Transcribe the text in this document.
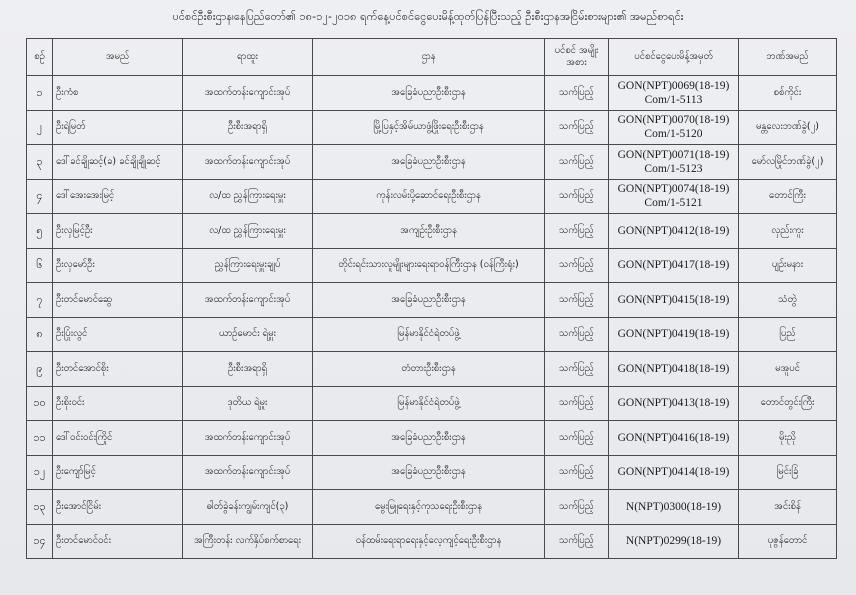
ပင်စင်ဦးစီးဌာန၊နေပြည်တော်၏ ၁၈-၁၂-၂၀၁၈ ရက်နေ့ပင်စင်ငွေပေးမိန့်ထုတ်ပြန်ပြီးသည့် ဦးစီးဌာနအငြိမ်းစားများ၏ အမည်စာရင်း
စဉ်	အမည်	ရာထူး	ဌာန	ပင်စင် အမျိုးအစား	ပင်စင်ငွေပေးမိန့်အမှတ်	ဘဏ်အမည်
၁	ဦးကံစ	အထက်တန်းကျောင်းအုပ်	အခြေခံပညာဦးစီးဌာန	သက်ပြည့်	GON(NPT)0069(18-19) Com/1-5113	စစ်ကိုင်း
၂	ဦးရဲမြတ်	ဦးစီးအရာရှိ	မြို့ပြနှင့်အိမ်ယာဖွံ့ဖြိုးရေးဦးစီးဌာန	သက်ပြည့်	GON(NPT)0070(18-19) Com/1-5120	မန္တလေးဘဏ်ခွဲ(၂)
၃	ဒေါ်ခင်ချိုဆင့်(ခ) ခင်ချိုချိုဆင့်	အထက်တန်းကျောင်းအုပ်	အခြေခံပညာဦးစီးဌာန	သက်ပြည့်	GON(NPT)0071(18-19) Com/1-5123	မော်လမြိုင်ဘဏ်ခွဲ(၂)
၄	ဒေါ်အေးအေးမြင့်	လ/ထ ညွှန်ကြားရေးမှူး	ကုန်းလမ်းပို့ဆောင်ရေးဦးစီးဌာန	သက်ပြည့်	GON(NPT)0074(18-19) Com/1-5121	တောင်ကြီး
၅	ဦးလှမြင့်ဦး	လ/ထ ညွှန်ကြားရေးမှူး	အကျဉ်းဦးစီးဌာန	သက်ပြည့်	GON(NPT)0412(18-19)	လှည်းကူး
၆	ဦးလှမော်ဦး	ညွှန်ကြားရေးမှူးချုပ်	တိုင်းရင်းသားလူမျိုးများရေးရာဝန်ကြီးဌာန (ဝန်ကြီးရုံး)	သက်ပြည့်	GON(NPT)0417(18-19)	ပျဉ်းမနား
၇	ဦးတင်မောင်ဆွေ	အထက်တန်းကျောင်းအုပ်	အခြေခံပညာဦးစီးဌာန	သက်ပြည့်	GON(NPT)0415(18-19)	သံတွဲ
၈	ဦးပြုံးလွင်	ယာဉ်မောင်း ရဲမှူး	မြန်မာနိုင်ငံရဲတပ်ဖွဲ့	သက်ပြည့်	GON(NPT)0419(18-19)	ပြည်
၉	ဦးတင်အောင်စိုး	ဦးစီးအရာရှိ	တံတားဦးစီးဌာန	သက်ပြည့်	GON(NPT)0418(18-19)	မအူပင်
၁၀	ဦးစိုးဝင်း	ဒုတိယ ရဲမှူး	မြန်မာနိုင်ငံရဲတပ်ဖွဲ့	သက်ပြည့်	GON(NPT)0413(18-19)	တောင်တွင်းကြီး
၁၁	ဒေါ်ဝင်းဝင်းကြိုင်	အထက်တန်းကျောင်းအုပ်	အခြေခံပညာဦးစီးဌာန	သက်ပြည့်	GON(NPT)0416(18-19)	မိုးညို
၁၂	ဦးကျော်မြင့်	အထက်တန်းကျောင်းအုပ်	အခြေခံပညာဦးစီးဌာန	သက်ပြည့်	GON(NPT)0414(18-19)	မြင်းခြံ
၁၃	ဦးအောင်ငြိမ်း	ဓါတ်ခွဲခန်းကျွမ်းကျင်(၃)	မွေးမြူရေးနှင့်ကုသရေးဦးစီးဌာန	သက်ပြည့်	N(NPT)0300(18-19)	အင်းစိန်
၁၄	ဦးတင်မောင်ဝင်း	အကြီးတန်း လက်နှိပ်စက်စာရေး	ဝန်ထမ်းရေးရာရေးနှင့်လေ့ကျင့်ရေးဦးစီးဌာန	သက်ပြည့်	N(NPT)0299(18-19)	ပုဇွန်တောင်
